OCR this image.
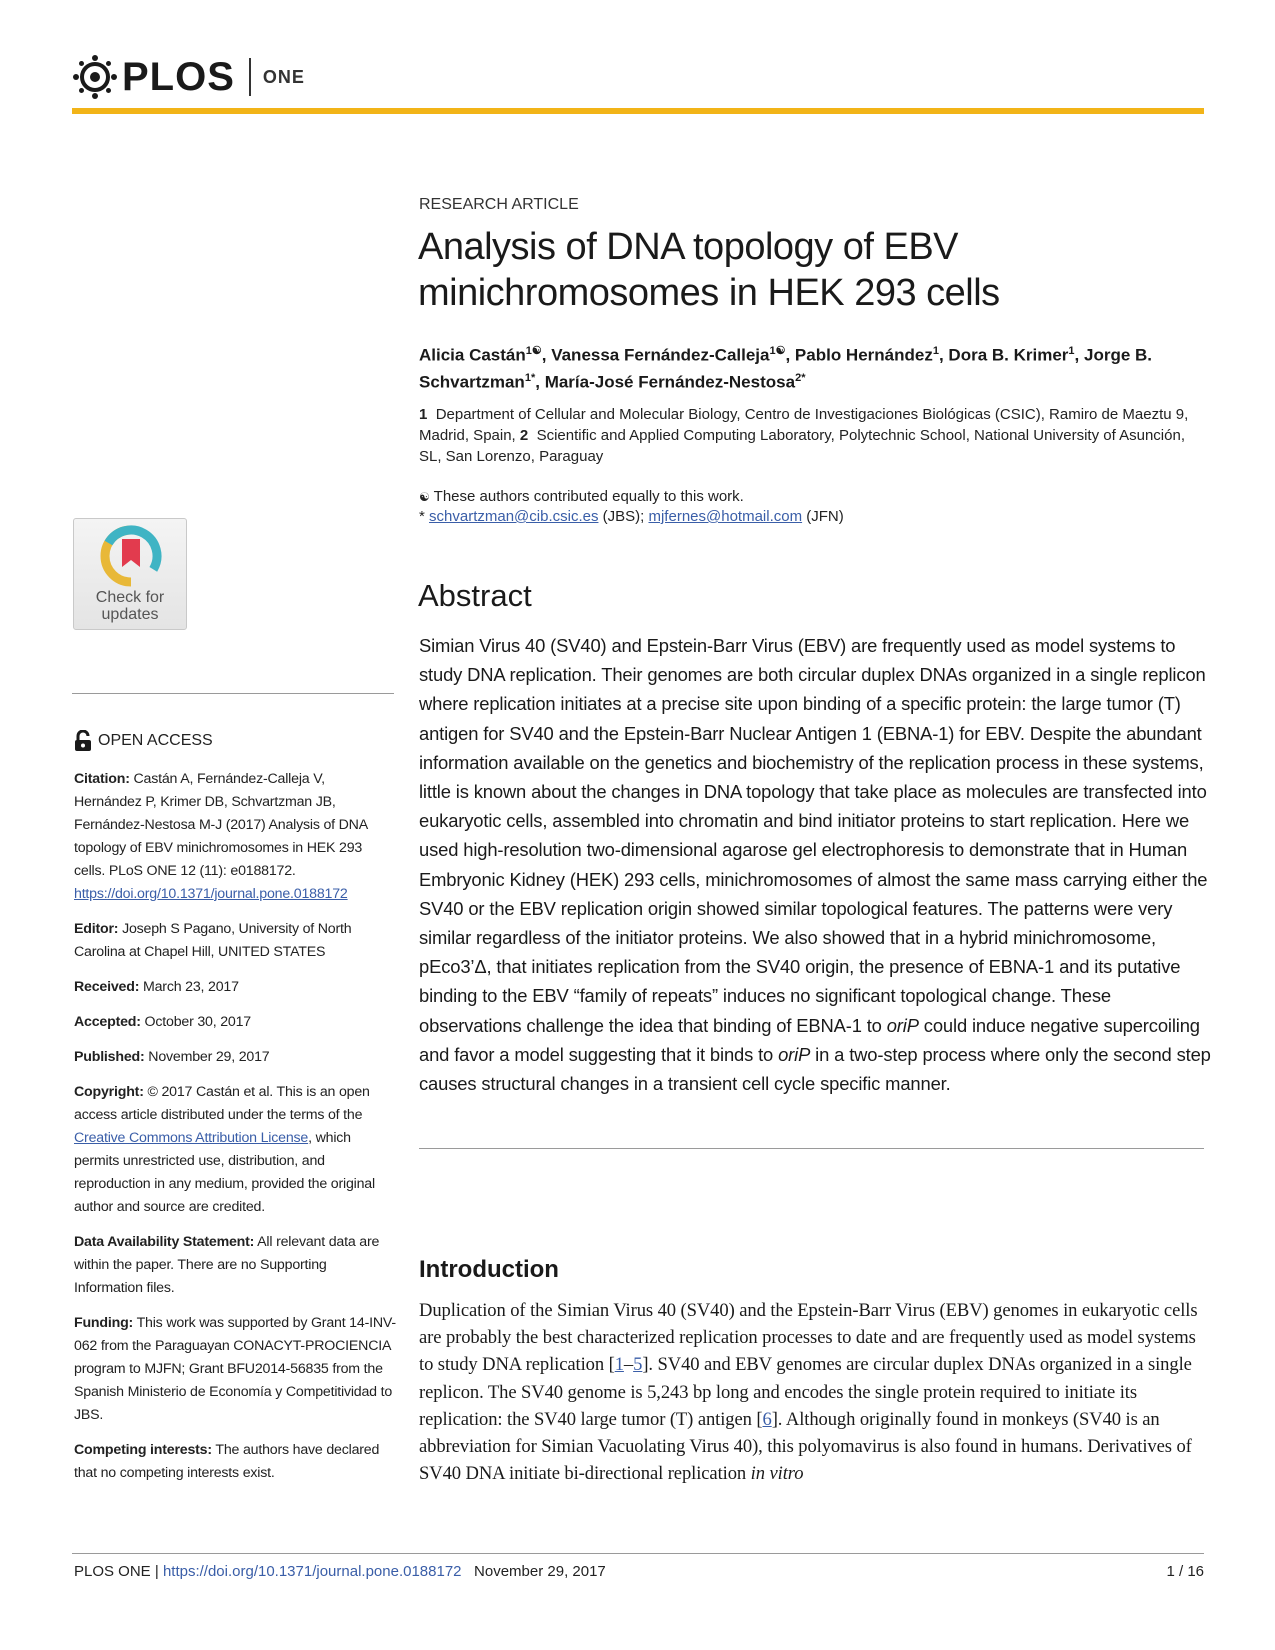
PLOS ONE
Check for
updates
OPEN ACCESS

Citation: Castán A, Fernández-Calleja V, Hernández P, Krimer DB, Schvartzman JB, Fernández-Nestosa M-J (2017) Analysis of DNA topology of EBV minichromosomes in HEK 293 cells. PLoS ONE 12 (11): e0188172. https://doi.org/10.1371/journal.pone.0188172

Editor: Joseph S Pagano, University of North Carolina at Chapel Hill, UNITED STATES

Received: March 23, 2017

Accepted: October 30, 2017

Published: November 29, 2017

Copyright: © 2017 Castán et al. This is an open access article distributed under the terms of the Creative Commons Attribution License, which permits unrestricted use, distribution, and reproduction in any medium, provided the original author and source are credited.

Data Availability Statement: All relevant data are within the paper. There are no Supporting Information files.

Funding: This work was supported by Grant 14-INV-062 from the Paraguayan CONACYT-PROCIENCIA program to MJFN; Grant BFU2014-56835 from the Spanish Ministerio de Economía y Competitividad to JBS.

Competing interests: The authors have declared that no competing interests exist.

RESEARCH ARTICLE
Analysis of DNA topology of EBV minichromosomes in HEK 293 cells
Alicia Castán$^{1☯}$, Vanessa Fernández-Calleja$^{1☯}$, Pablo Hernández$^1$, Dora B. Krimer$^1$, Jorge B. Schvartzman$^{1*}$, María-José Fernández-Nestosa$^{2*}$
1 Department of Cellular and Molecular Biology, Centro de Investigaciones Biológicas (CSIC), Ramiro de Maeztu 9, Madrid, Spain, 2 Scientific and Applied Computing Laboratory, Polytechnic School, National University of Asunción, SL, San Lorenzo, Paraguay
☯ These authors contributed equally to this work.
* schvartzman@cib.csic.es (JBS); mjfernes@hotmail.com (JFN)
Abstract
Simian Virus 40 (SV40) and Epstein-Barr Virus (EBV) are frequently used as model systems to study DNA replication. Their genomes are both circular duplex DNAs organized in a single replicon where replication initiates at a precise site upon binding of a specific protein: the large tumor (T) antigen for SV40 and the Epstein-Barr Nuclear Antigen 1 (EBNA-1) for EBV. Despite the abundant information available on the genetics and biochemistry of the replication process in these systems, little is known about the changes in DNA topology that take place as molecules are transfected into eukaryotic cells, assembled into chromatin and bind initiator proteins to start replication. Here we used high-resolution two-dimensional agarose gel electrophoresis to demonstrate that in Human Embryonic Kidney (HEK) 293 cells, minichromosomes of almost the same mass carrying either the SV40 or the EBV replication origin showed similar topological features. The patterns were very similar regardless of the initiator proteins. We also showed that in a hybrid minichromosome, pEco3’Δ, that initiates replication from the SV40 origin, the presence of EBNA-1 and its putative binding to the EBV “family of repeats” induces no significant topological change. These observations challenge the idea that binding of EBNA-1 to oriP could induce negative supercoiling and favor a model suggesting that it binds to oriP in a two-step process where only the second step causes structural changes in a transient cell cycle specific manner.
Introduction
Duplication of the Simian Virus 40 (SV40) and the Epstein-Barr Virus (EBV) genomes in eukaryotic cells are probably the best characterized replication processes to date and are frequently used as model systems to study DNA replication [1–5]. SV40 and EBV genomes are circular duplex DNAs organized in a single replicon. The SV40 genome is 5,243 bp long and encodes the single protein required to initiate its replication: the SV40 large tumor (T) antigen [6]. Although originally found in monkeys (SV40 is an abbreviation for Simian Vacuolating Virus 40), this polyomavirus is also found in humans. Derivatives of SV40 DNA initiate bi-directional replication in vitro
PLOS ONE | https://doi.org/10.1371/journal.pone.0188172 November 29, 2017	1 / 16
